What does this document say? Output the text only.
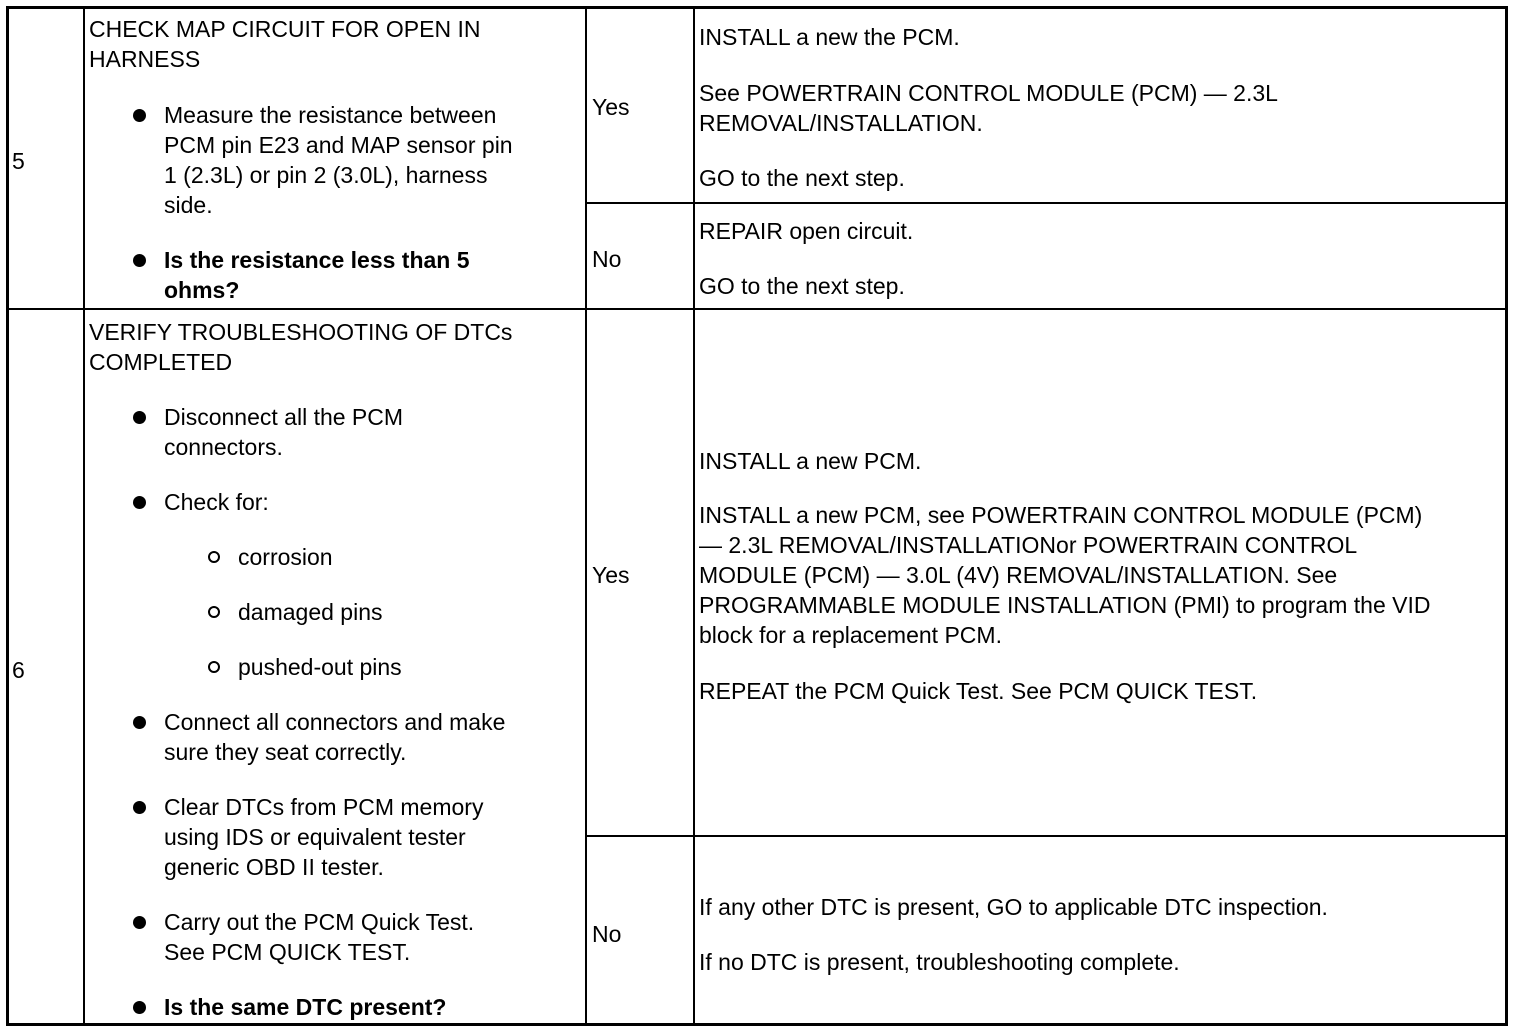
5
CHECK MAP CIRCUIT FOR OPEN IN
HARNESS
Measure the resistance between
PCM pin E23 and MAP sensor pin
1 (2.3L) or pin 2 (3.0L), harness
side.
Is the resistance less than 5
ohms?
Yes
INSTALL a new the PCM.
See POWERTRAIN CONTROL MODULE (PCM) — 2.3L
REMOVAL/INSTALLATION.
GO to the next step.
No
REPAIR open circuit.
GO to the next step.
6
VERIFY TROUBLESHOOTING OF DTCs
COMPLETED
Disconnect all the PCM
connectors.
Check for:
corrosion
damaged pins
pushed-out pins
Connect all connectors and make
sure they seat correctly.
Clear DTCs from PCM memory
using IDS or equivalent tester
generic OBD II tester.
Carry out the PCM Quick Test.
See PCM QUICK TEST.
Is the same DTC present?
Yes
INSTALL a new PCM.
INSTALL a new PCM, see POWERTRAIN CONTROL MODULE (PCM)
— 2.3L REMOVAL/INSTALLATIONor POWERTRAIN CONTROL
MODULE (PCM) — 3.0L (4V) REMOVAL/INSTALLATION. See
PROGRAMMABLE MODULE INSTALLATION (PMI) to program the VID
block for a replacement PCM.
REPEAT the PCM Quick Test. See PCM QUICK TEST.
No
If any other DTC is present, GO to applicable DTC inspection.
If no DTC is present, troubleshooting complete.
